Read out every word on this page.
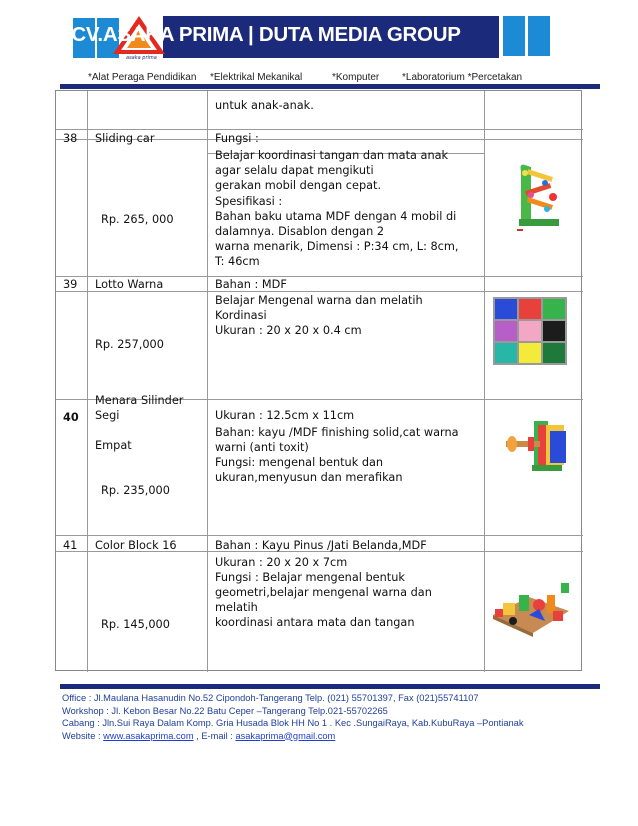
CV.ASAKA PRIMA | DUTA MEDIA GROUP
asaka prima
*Alat Peraga Pendidikan *Elektrikal Mekanikal	*Komputer *Laboratorium *Percetakan
untuk anak-anak.
38 Sliding car
Rp. 265, 000
Fungsi :
Belajar koordinasi tangan dan mata anak
agar selalu dapat mengikuti
gerakan mobil dengan cepat.
Spesifikasi :
Bahan baku utama MDF dengan 4 mobil di
dalamnya. Disablon dengan 2
warna menarik, Dimensi : P:34 cm, L: 8cm,
T: 46cm
39 Lotto Warna
Rp. 257,000
Bahan : MDF
Belajar Mengenal warna dan melatih
Kordinasi
Ukuran : 20 x 20 x 0.4 cm
40
Menara Silinder
Segi
Empat
Rp. 235,000
Ukuran : 12.5cm x 11cm
Bahan: kayu /MDF finishing solid,cat warna
warni (anti toxit)
Fungsi: mengenal bentuk dan
ukuran,menyusun dan merafikan
41 Color Block 16
Rp. 145,000
Bahan : Kayu Pinus /Jati Belanda,MDF
Ukuran : 20 x 20 x 7cm
Fungsi : Belajar mengenal bentuk
geometri,belajar mengenal warna dan
melatih
koordinasi antara mata dan tangan
Office : Jl.Maulana Hasanudin No.52 Cipondoh-Tangerang Telp. (021) 55701397, Fax (021)55741107
Workshop : Jl. Kebon Besar No.22 Batu Ceper –Tangerang Telp.021-55702265
Cabang : Jln.Sui Raya Dalam Komp. Gria Husada Blok HH No 1 . Kec .SungaiRaya, Kab.KubuRaya –Pontianak
Website : www.asakaprima.com , E-mail : asakaprima@gmail.com
